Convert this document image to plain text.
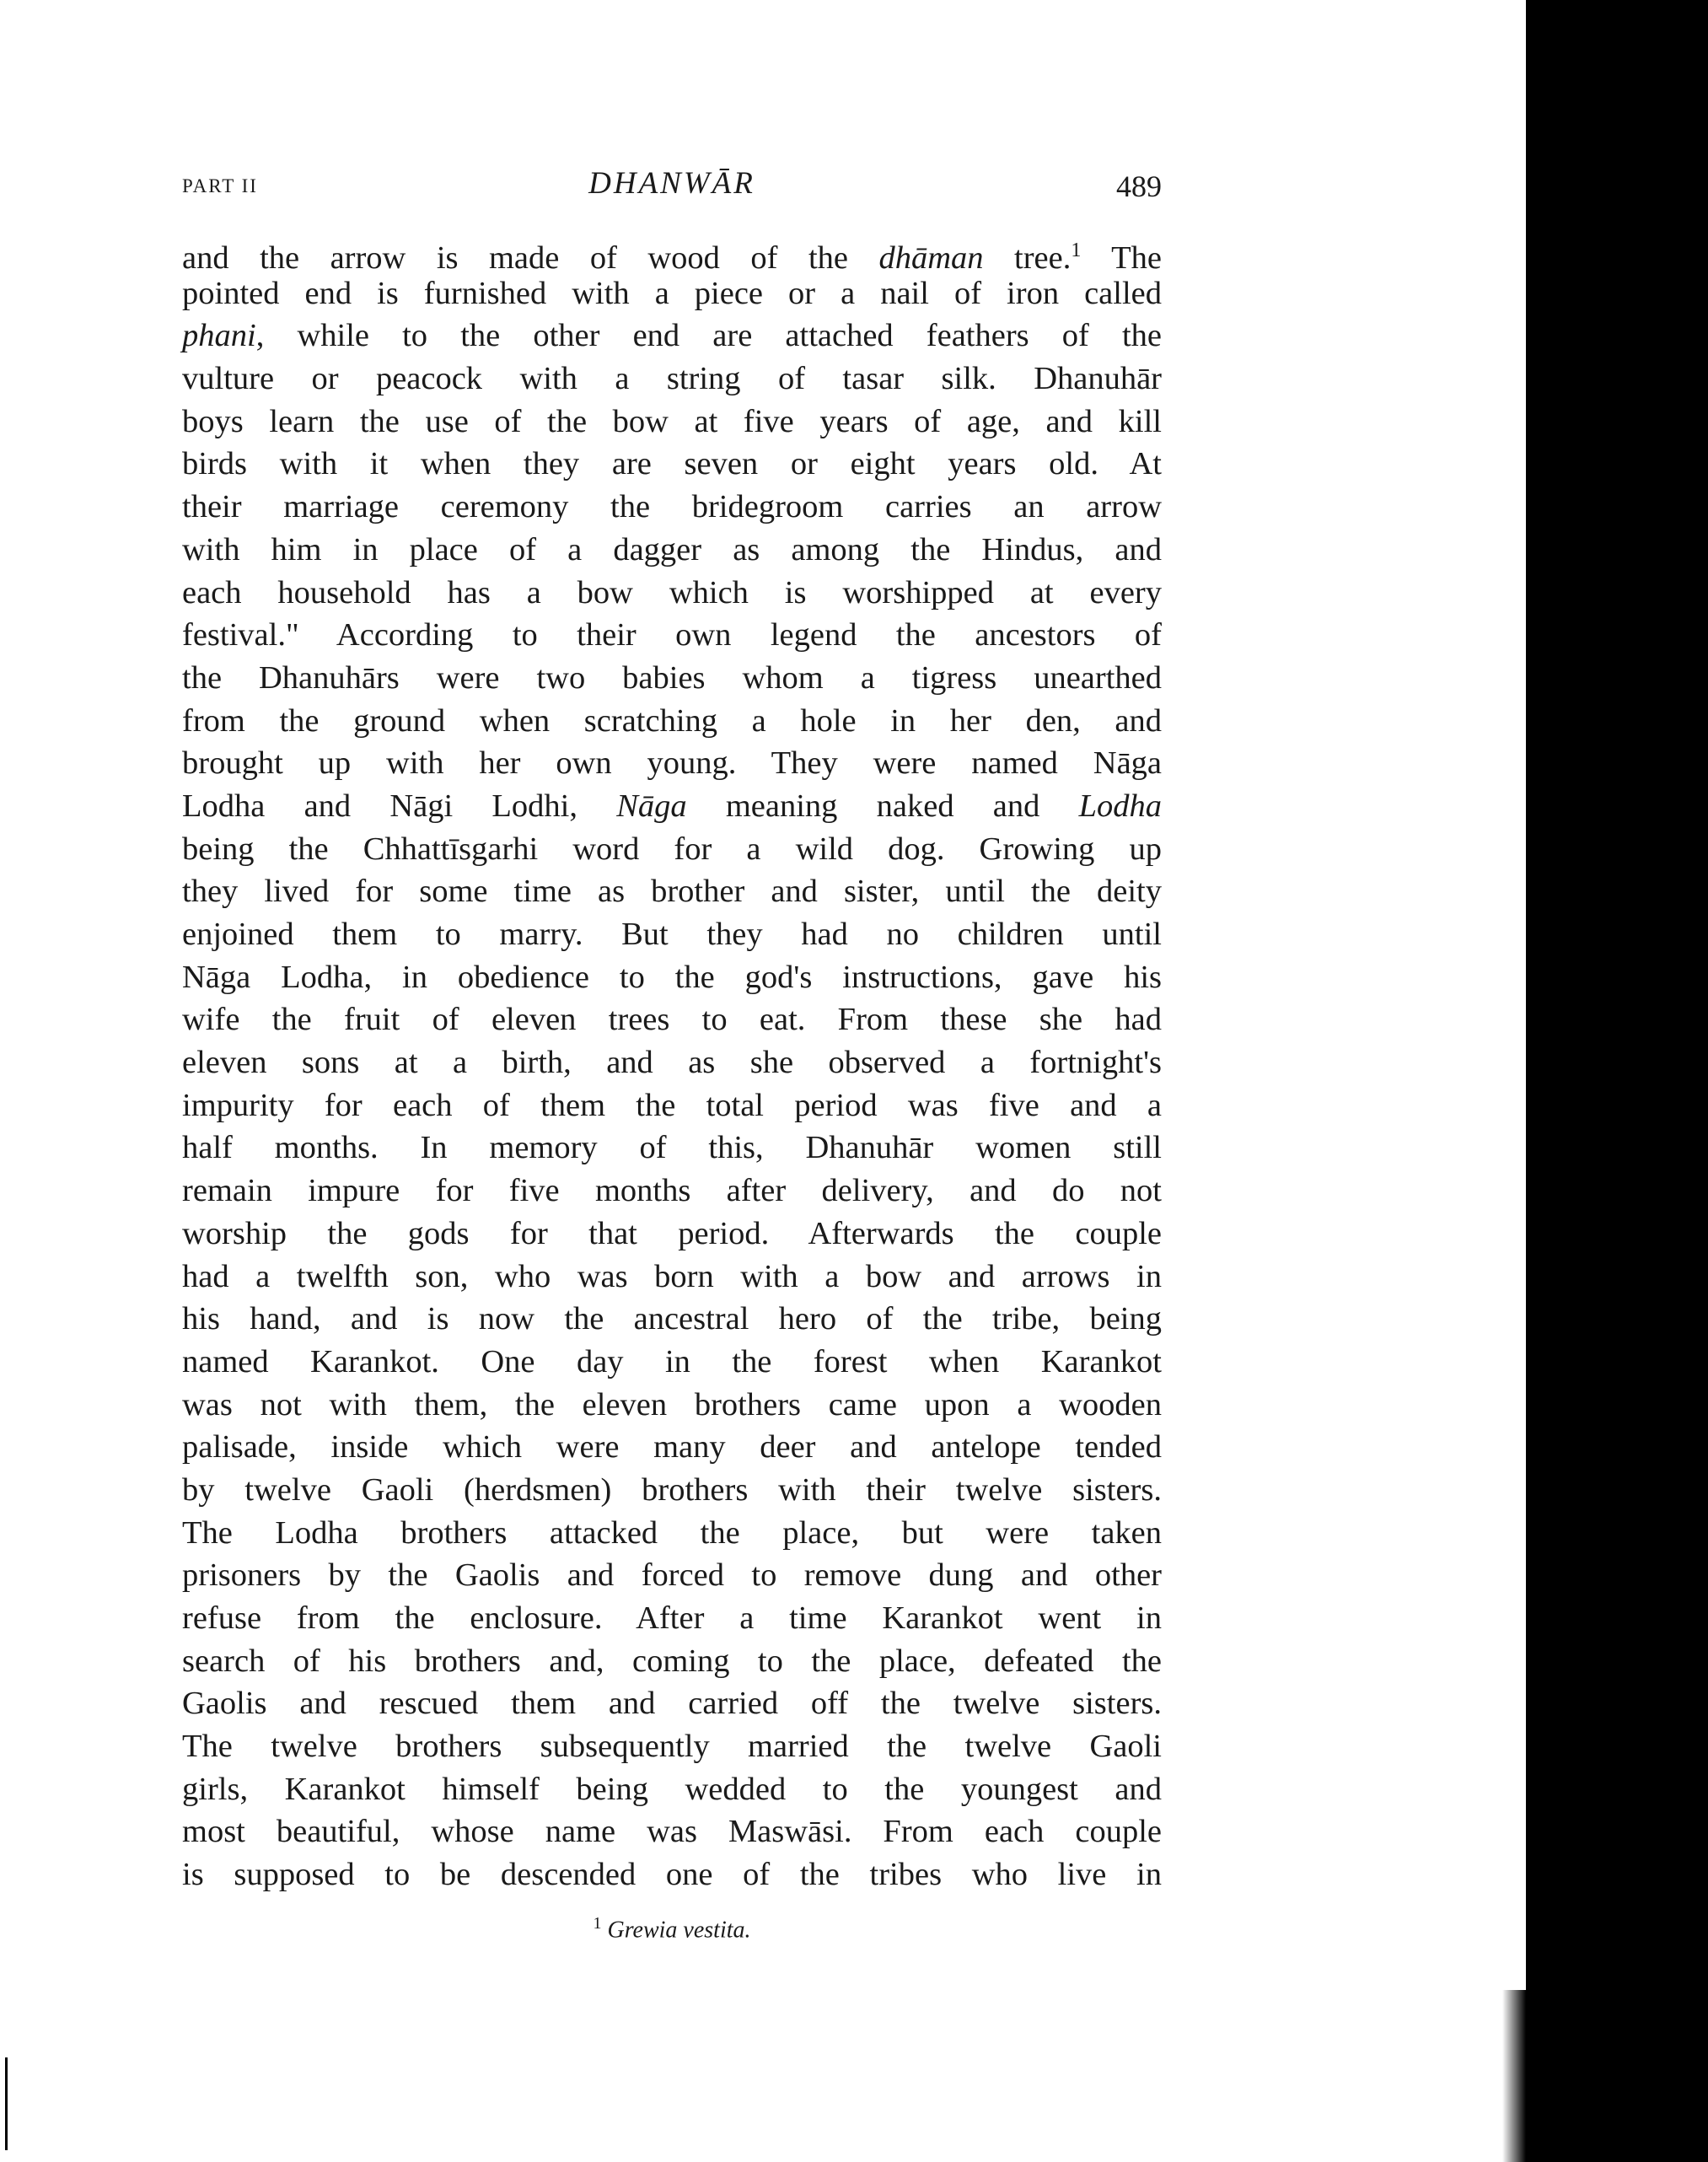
PART II	DHANWĀR	489
and the arrow is made of wood of the dhāman tree.$^1$ The
pointed end is furnished with a piece or a nail of iron called
phani, while to the other end are attached feathers of the
vulture or peacock with a string of tasar silk. Dhanuhār
boys learn the use of the bow at five years of age, and kill
birds with it when they are seven or eight years old. At
their marriage ceremony the bridegroom carries an arrow
with him in place of a dagger as among the Hindus, and
each household has a bow which is worshipped at every
festival." According to their own legend the ancestors of
the Dhanuhārs were two babies whom a tigress unearthed
from the ground when scratching a hole in her den, and
brought up with her own young. They were named Nāga
Lodha and Nāgi Lodhi, Nāga meaning naked and Lodha
being the Chhattīsgarhi word for a wild dog. Growing up
they lived for some time as brother and sister, until the deity
enjoined them to marry. But they had no children until
Nāga Lodha, in obedience to the god's instructions, gave his
wife the fruit of eleven trees to eat. From these she had
eleven sons at a birth, and as she observed a fortnight's
impurity for each of them the total period was five and a
half months. In memory of this, Dhanuhār women still
remain impure for five months after delivery, and do not
worship the gods for that period. Afterwards the couple
had a twelfth son, who was born with a bow and arrows in
his hand, and is now the ancestral hero of the tribe, being
named Karankot. One day in the forest when Karankot
was not with them, the eleven brothers came upon a wooden
palisade, inside which were many deer and antelope tended
by twelve Gaoli (herdsmen) brothers with their twelve sisters.
The Lodha brothers attacked the place, but were taken
prisoners by the Gaolis and forced to remove dung and other
refuse from the enclosure. After a time Karankot went in
search of his brothers and, coming to the place, defeated the
Gaolis and rescued them and carried off the twelve sisters.
The twelve brothers subsequently married the twelve Gaoli
girls, Karankot himself being wedded to the youngest and
most beautiful, whose name was Maswāsi. From each couple
is supposed to be descended one of the tribes who live in
$^1$ Grewia vestita.
